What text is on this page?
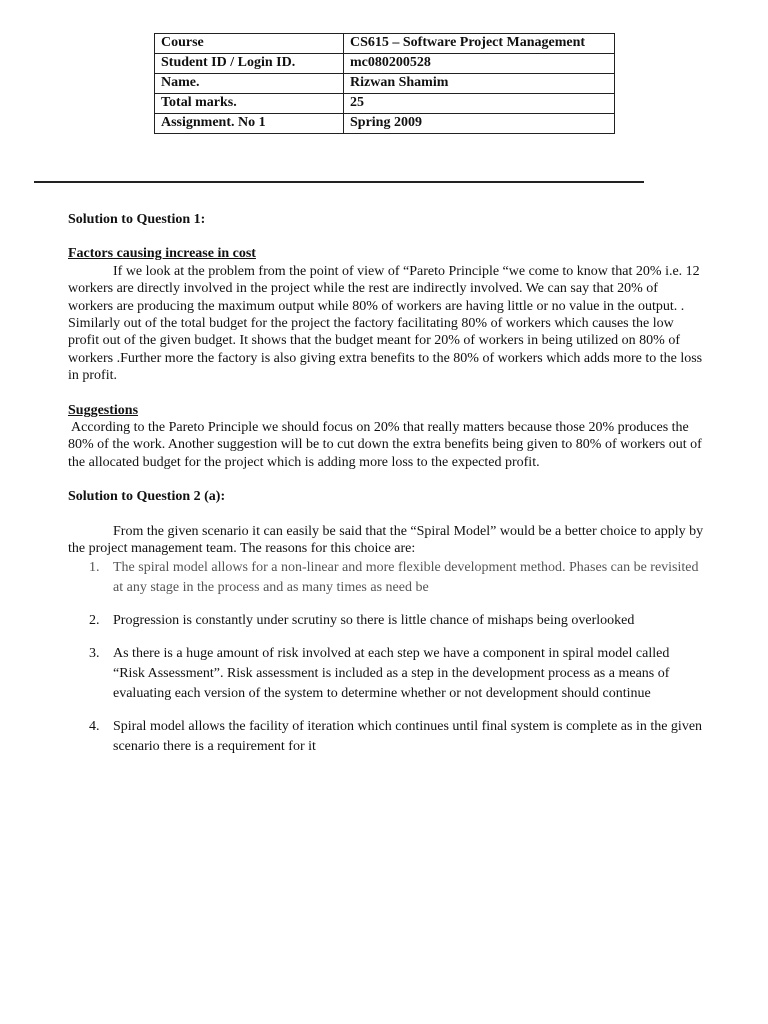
Course	CS615 – Software Project Management
Student ID / Login ID.	mc080200528
Name.	Rizwan Shamim
Total marks.	25
Assignment. No 1	Spring 2009

Solution to Question 1:

Factors causing increase in cost

If we look at the problem from the point of view of “Pareto Principle “we come to know that 20% i.e. 12 workers are directly involved in the project while the rest are indirectly involved. We can say that 20% of workers are producing the maximum output while 80% of workers are having little or no value in the output. . Similarly out of the total budget for the project the factory facilitating 80% of workers which causes the low profit out of the given budget. It shows that the budget meant for 20% of workers in being utilized on 80% of workers .Further more the factory is also giving extra benefits to the 80% of workers which adds more to the loss in profit.

Suggestions

According to the Pareto Principle we should focus on 20% that really matters because those 20% produces the 80% of the work. Another suggestion will be to cut down the extra benefits being given to 80% of workers out of the allocated budget for the project which is adding more loss to the expected profit.

Solution to Question 2 (a):

From the given scenario it can easily be said that the “Spiral Model” would be a better choice to apply by the project management team. The reasons for this choice are:

1. The spiral model allows for a non-linear and more flexible development method. Phases can be revisited at any stage in the process and as many times as need be
2. Progression is constantly under scrutiny so there is little chance of mishaps being overlooked
3. As there is a huge amount of risk involved at each step we have a component in spiral model called “Risk Assessment”. Risk assessment is included as a step in the development process as a means of evaluating each version of the system to determine whether or not development should continue
4. Spiral model allows the facility of iteration which continues until final system is complete as in the given scenario there is a requirement for it
